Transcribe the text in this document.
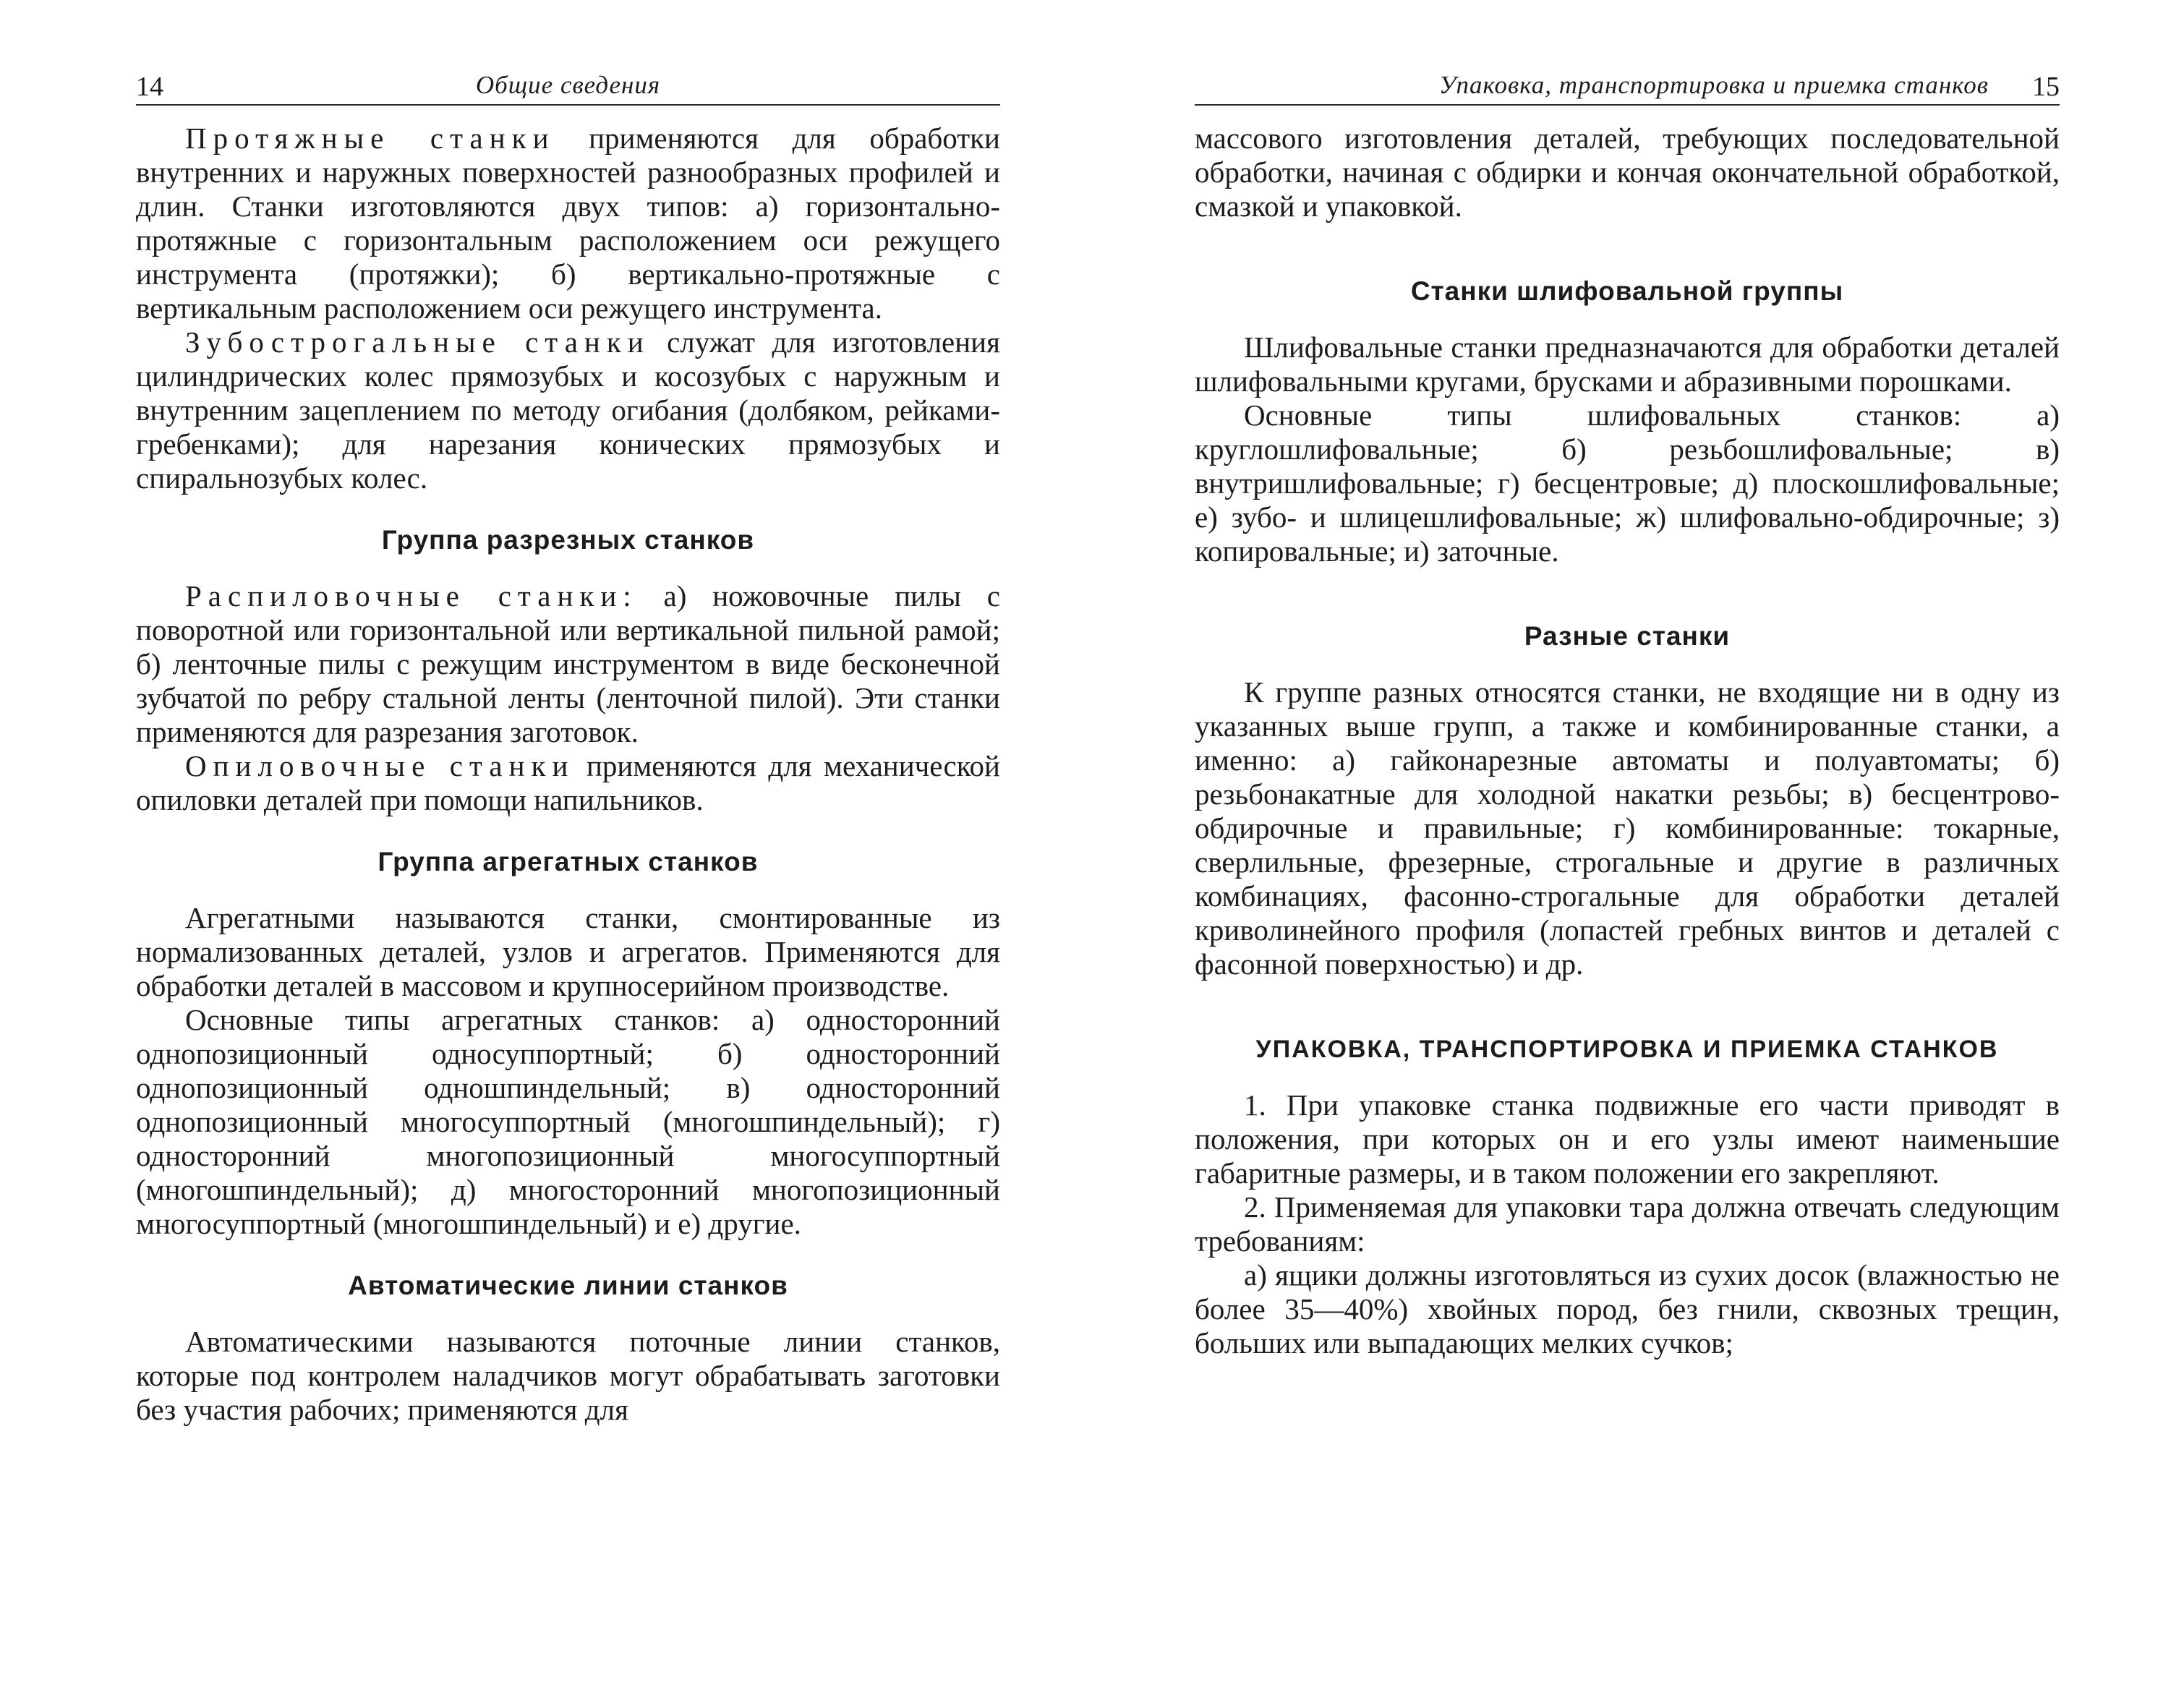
14	Общие сведения

Протяжные станки применяются для обработки внутренних и наружных поверхностей разнообразных профилей и длин. Станки изготовляются двух типов: а) горизонтально-протяжные с горизонтальным расположением оси режущего инструмента (протяжки); б) вертикально-протяжные с вертикальным расположением оси режущего инструмента.

Зубострогальные станки служат для изготовления цилиндрических колес прямозубых и косозубых с наружным и внутренним зацеплением по методу огибания (долбяком, рейками-гребенками); для нарезания конических прямозубых и спиральнозубых колес.

Группа разрезных станков

Распиловочные станки: а) ножовочные пилы с поворотной или горизонтальной или вертикальной пильной рамой; б) ленточные пилы с режущим инструментом в виде бесконечной зубчатой по ребру стальной ленты (ленточной пилой). Эти станки применяются для разрезания заготовок.

Опиловочные станки применяются для механической опиловки деталей при помощи напильников.

Группа агрегатных станков

Агрегатными называются станки, смонтированные из нормализованных деталей, узлов и агрегатов. Применяются для обработки деталей в массовом и крупносерийном производстве.

Основные типы агрегатных станков: а) односторонний однопозиционный односуппортный; б) односторонний однопозиционный одношпиндельный; в) односторонний однопозиционный многосуппортный (многошпиндельный); г) односторонний многопозиционный многосуппортный (многошпиндельный); д) многосторонний многопозиционный многосуппортный (многошпиндельный) и е) другие.

Автоматические линии станков

Автоматическими называются поточные линии станков, которые под контролем наладчиков могут обрабатывать заготовки без участия рабочих; применяются для

Упаковка, транспортировка и приемка станков 15

массового изготовления деталей, требующих последовательной обработки, начиная с обдирки и кончая окончательной обработкой, смазкой и упаковкой.

Станки шлифовальной группы

Шлифовальные станки предназначаются для обработки деталей шлифовальными кругами, брусками и абразивными порошками.

Основные типы шлифовальных станков: а) круглошлифовальные; б) резьбошлифовальные; в) внутришлифовальные; г) бесцентровые; д) плоскошлифовальные; е) зубо- и шлицешлифовальные; ж) шлифовально-обдирочные; з) копировальные; и) заточные.

Разные станки

К группе разных относятся станки, не входящие ни в одну из указанных выше групп, а также и комбинированные станки, а именно: а) гайконарезные автоматы и полуавтоматы; б) резьбонакатные для холодной накатки резьбы; в) бесцентрово-обдирочные и правильные; г) комбинированные: токарные, сверлильные, фрезерные, строгальные и другие в различных комбинациях, фасонно-строгальные для обработки деталей криволинейного профиля (лопастей гребных винтов и деталей с фасонной поверхностью) и др.

УПАКОВКА, ТРАНСПОРТИРОВКА И ПРИЕМКА СТАНКОВ

1. При упаковке станка подвижные его части приводят в положения, при которых он и его узлы имеют наименьшие габаритные размеры, и в таком положении его закрепляют.

2. Применяемая для упаковки тара должна отвечать следующим требованиям:

а) ящики должны изготовляться из сухих досок (влажностью не более 35—40%) хвойных пород, без гнили, сквозных трещин, больших или выпадающих мелких сучков;
